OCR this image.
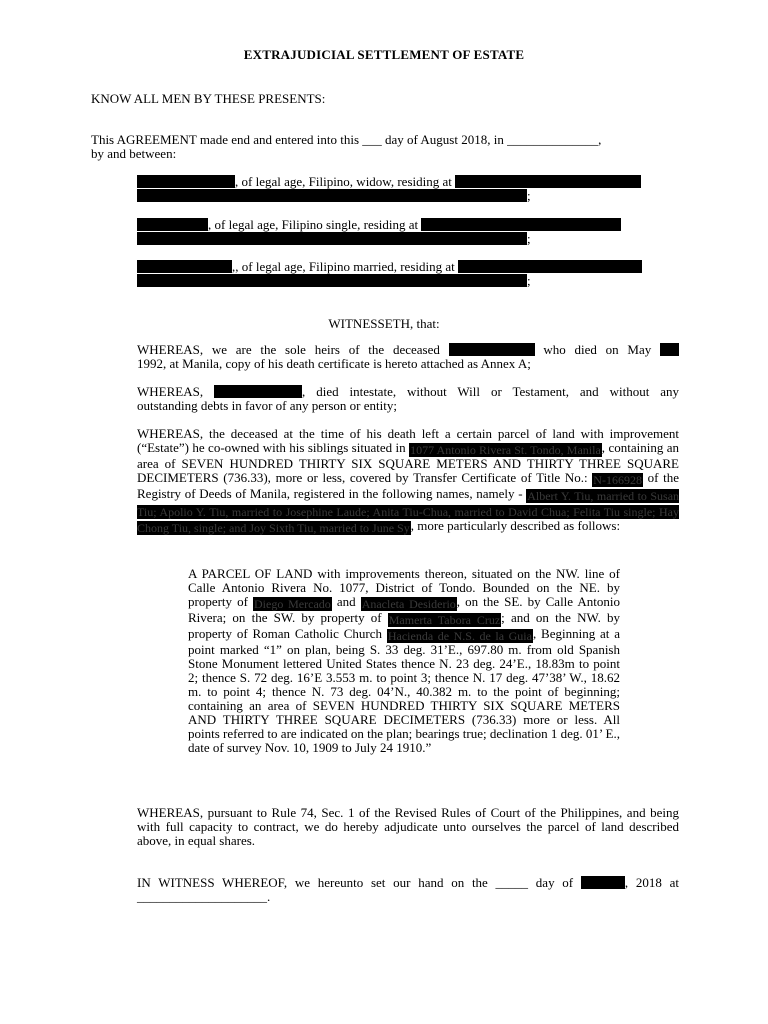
EXTRAJUDICIAL SETTLEMENT OF ESTATE
KNOW ALL MEN BY THESE PRESENTS:
This AGREEMENT made end and entered into this ___ day of August 2018, in ______________,
by and between:
, of legal age, Filipino, widow, residing at
;
, of legal age, Filipino single, residing at
;
,, of legal age, Filipino married, residing at
;
WITNESSETH, that:
WHEREAS, we are the sole heirs of the deceased	who died on May
1992, at Manila, copy of his death certificate is hereto attached as Annex A;
WHEREAS,	, died intestate, without Will or Testament, and without any
outstanding debts in favor of any person or entity;
WHEREAS, the deceased at the time of his death left a certain parcel of land with improvement (“Estate”) he co-owned with his siblings situated in 1077 Antonio Rivera St. Tondo, Manila, containing an area of SEVEN HUNDRED THIRTY SIX SQUARE METERS AND THIRTY THREE SQUARE DECIMETERS (736.33), more or less, covered by Transfer Certificate of Title No.: N-166928 of the Registry of Deeds of Manila, registered in the following names, namely - Albert Y. Tiu, married to Susan Tiu; Apolio Y. Tiu, married to Josephine Laude; Anita Tiu-Chua, married to David Chua; Felita Tiu single; Hay Chong Tiu, single; and Joy Sixth Tiu, married to June Sy, more particularly described as follows:
A PARCEL OF LAND with improvements thereon, situated on the NW. line of Calle Antonio Rivera No. 1077, District of Tondo. Bounded on the NE. by property of Diego Mercado and Anacleta Desiderio, on the SE. by Calle Antonio Rivera; on the SW. by property of Mamerta Tabora Cruz; and on the NW. by property of Roman Catholic Church Hacienda de N.S. de la Guia, Beginning at a point marked “1” on plan, being S. 33 deg. 31’E., 697.80 m. from old Spanish Stone Monument lettered United States thence N. 23 deg. 24’E., 18.83m to point 2; thence S. 72 deg. 16’E 3.553 m. to point 3; thence N. 17 deg. 47’38’ W., 18.62 m. to point 4; thence N. 73 deg. 04’N., 40.382 m. to the point of beginning; containing an area of SEVEN HUNDRED THIRTY SIX SQUARE METERS AND THIRTY THREE SQUARE DECIMETERS (736.33) more or less. All points referred to are indicated on the plan; bearings true; declination 1 deg. 01’ E., date of survey Nov. 10, 1909 to July 24 1910.”
WHEREAS, pursuant to Rule 74, Sec. 1 of the Revised Rules of Court of the Philippines, and being with full capacity to contract, we do hereby adjudicate unto ourselves the parcel of land described above, in equal shares.
IN WITNESS WHEREOF, we hereunto set our hand on the _____ day of	, 2018 at
____________________.
